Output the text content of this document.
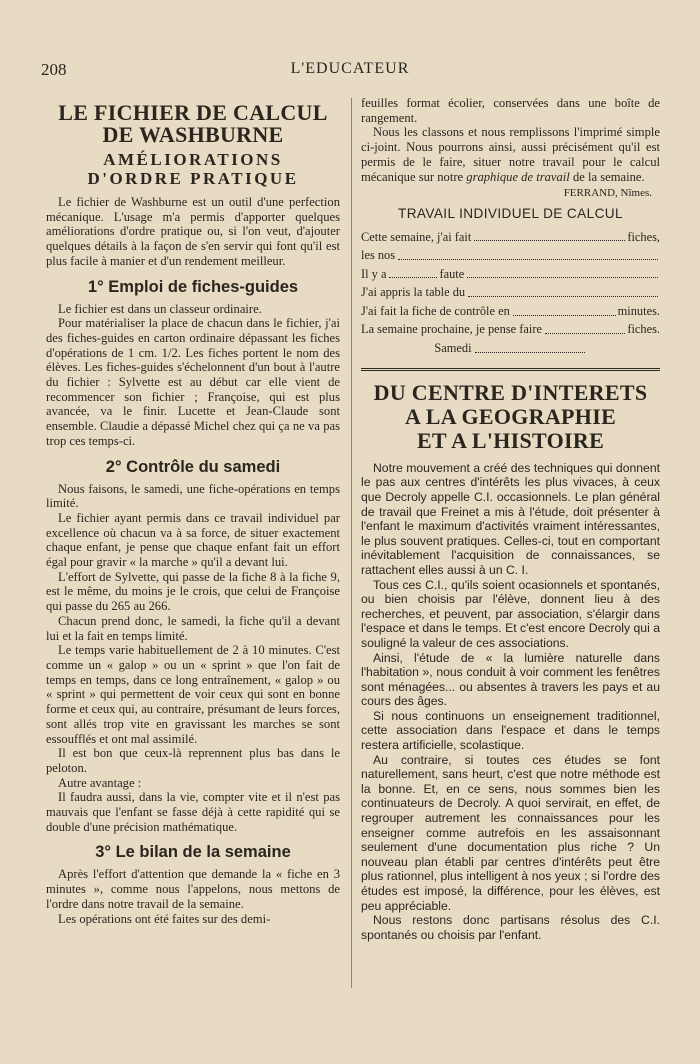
208	L'EDUCATEUR
LE FICHIER DE CALCUL
DE WASHBURNE
AMÉLIORATIONS
D'ORDRE PRATIQUE

Le fichier de Washburne est un outil d'une perfection mécanique. L'usage m'a permis d'apporter quelques améliorations d'ordre pratique ou, si l'on veut, d'ajouter quelques détails à la façon de s'en servir qui font qu'il est plus facile à manier et d'un rendement meilleur.

1° Emploi de fiches-guides

Le fichier est dans un classeur ordinaire.

Pour matérialiser la place de chacun dans le fichier, j'ai des fiches-guides en carton ordinaire dépassant les fiches d'opérations de 1 cm. 1/2. Les fiches portent le nom des élèves. Les fiches-guides s'échelonnent d'un bout à l'autre du fichier : Sylvette est au début car elle vient de recommencer son fichier ; Françoise, qui est plus avancée, va le finir. Lucette et Jean-Claude sont ensemble. Claudie a dépassé Michel chez qui ça ne va pas trop ces temps-ci.

2° Contrôle du samedi

Nous faisons, le samedi, une fiche-opérations en temps limité.

Le fichier ayant permis dans ce travail individuel par excellence où chacun va à sa force, de situer exactement chaque enfant, je pense que chaque enfant fait un effort égal pour gravir « la marche » qu'il a devant lui.

L'effort de Sylvette, qui passe de la fiche 8 à la fiche 9, est le même, du moins je le crois, que celui de Françoise qui passe du 265 au 266.

Chacun prend donc, le samedi, la fiche qu'il a devant lui et la fait en temps limité.

Le temps varie habituellement de 2 à 10 minutes. C'est comme un « galop » ou un « sprint » que l'on fait de temps en temps, dans ce long entraînement, « galop » ou « sprint » qui permettent de voir ceux qui sont en bonne forme et ceux qui, au contraire, présumant de leurs forces, sont allés trop vite en gravissant les marches se sont essoufflés et ont mal assimilé.

Il est bon que ceux-là reprennent plus bas dans le peloton.

Autre avantage :

Il faudra aussi, dans la vie, compter vite et il n'est pas mauvais que l'enfant se fasse déjà à cette rapidité qui se double d'une précision mathématique.

3° Le bilan de la semaine

Après l'effort d'attention que demande la « fiche en 3 minutes », comme nous l'appelons, nous mettons de l'ordre dans notre travail de la semaine.

Les opérations ont été faites sur des demi-

feuilles format écolier, conservées dans une boîte de rangement.

Nous les classons et nous remplissons l'imprimé simple ci-joint. Nous pourrons ainsi, aussi précisément qu'il est permis de le faire, situer notre travail pour le calcul mécanique sur notre graphique de travail de la semaine.

FERRAND, Nîmes.
TRAVAIL INDIVIDUEL DE CALCUL
Cette semaine, j'ai fait	fiches,
les nos
Il y a	faute
J'ai appris la table du
J'ai fait la fiche de contrôle en	minutes.
La semaine prochaine, je pense faire	fiches.
Samedi
DU CENTRE D'INTERETS
A LA GEOGRAPHIE
ET A L'HISTOIRE

Notre mouvement a créé des techniques qui donnent le pas aux centres d'intérêts les plus vivaces, à ceux que Decroly appelle C.I. occasionnels. Le plan général de travail que Freinet a mis à l'étude, doit présenter à l'enfant le maximum d'activités vraiment intéressantes, le plus souvent pratiques. Celles-ci, tout en comportant inévitablement l'acquisition de connaissances, se rattachent elles aussi à un C. I.

Tous ces C.I., qu'ils soient ocasionnels et spontanés, ou bien choisis par l'élève, donnent lieu à des recherches, et peuvent, par association, s'élargir dans l'espace et dans le temps. Et c'est encore Decroly qui a souligné la valeur de ces associations.

Ainsi, l'étude de « la lumière naturelle dans l'habitation », nous conduit à voir comment les fenêtres sont ménagées... ou absentes à travers les pays et au cours des âges.

Si nous continuons un enseignement traditionnel, cette association dans l'espace et dans le temps restera artificielle, scolastique.

Au contraire, si toutes ces études se font naturellement, sans heurt, c'est que notre méthode est la bonne. Et, en ce sens, nous sommes bien les continuateurs de Decroly. A quoi servirait, en effet, de regrouper autrement les connaissances pour les enseigner comme autrefois en les assaisonnant seulement d'une documentation plus riche ? Un nouveau plan établi par centres d'intérêts peut être plus rationnel, plus intelligent à nos yeux ; si l'ordre des études est imposé, la différence, pour les élèves, est peu appréciable.

Nous restons donc partisans résolus des C.I. spontanés ou choisis par l'enfant.
